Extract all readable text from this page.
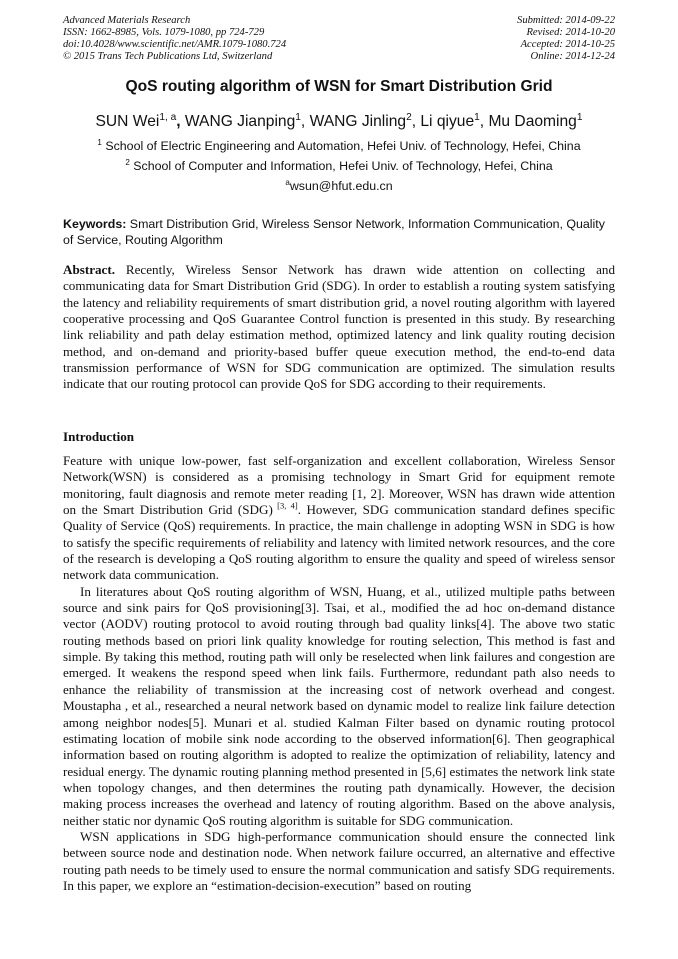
Advanced Materials Research
ISSN: 1662-8985, Vols. 1079-1080, pp 724-729
doi:10.4028/www.scientific.net/AMR.1079-1080.724
© 2015 Trans Tech Publications Ltd, Switzerland
Submitted: 2014-09-22
Revised: 2014-10-20
Accepted: 2014-10-25
Online: 2014-12-24
QoS routing algorithm of WSN for Smart Distribution Grid
SUN Wei$^{1, a}$, WANG Jianping$^1$, WANG Jinling$^2$, Li qiyue$^1$, Mu Daoming$^1$
$^1$ School of Electric Engineering and Automation, Hefei Univ. of Technology, Hefei, China
$^2$ School of Computer and Information, Hefei Univ. of Technology, Hefei, China
$^a$wsun@hfut.edu.cn
Keywords: Smart Distribution Grid, Wireless Sensor Network, Information Communication, Quality of Service, Routing Algorithm
Abstract. Recently, Wireless Sensor Network has drawn wide attention on collecting and communicating data for Smart Distribution Grid (SDG). In order to establish a routing system satisfying the latency and reliability requirements of smart distribution grid, a novel routing algorithm with layered cooperative processing and QoS Guarantee Control function is presented in this study. By researching link reliability and path delay estimation method, optimized latency and link quality routing decision method, and on-demand and priority-based buffer queue execution method, the end-to-end data transmission performance of WSN for SDG communication are optimized. The simulation results indicate that our routing protocol can provide QoS for SDG according to their requirements.
Introduction

Feature with unique low-power, fast self-organization and excellent collaboration, Wireless Sensor Network(WSN) is considered as a promising technology in Smart Grid for equipment remote monitoring, fault diagnosis and remote meter reading [1, 2]. Moreover, WSN has drawn wide attention on the Smart Distribution Grid (SDG) [3, 4]. However, SDG communication standard defines specific Quality of Service (QoS) requirements. In practice, the main challenge in adopting WSN in SDG is how to satisfy the specific requirements of reliability and latency with limited network resources, and the core of the research is developing a QoS routing algorithm to ensure the quality and speed of wireless sensor network data communication.

In literatures about QoS routing algorithm of WSN, Huang, et al., utilized multiple paths between source and sink pairs for QoS provisioning[3]. Tsai, et al., modified the ad hoc on-demand distance vector (AODV) routing protocol to avoid routing through bad quality links[4]. The above two static routing methods based on priori link quality knowledge for routing selection, This method is fast and simple. By taking this method, routing path will only be reselected when link failures and congestion are emerged. It weakens the respond speed when link fails. Furthermore, redundant path also needs to enhance the reliability of transmission at the increasing cost of network overhead and congest. Moustapha , et al., researched a neural network based on dynamic model to realize link failure detection among neighbor nodes[5]. Munari et al. studied Kalman Filter based on dynamic routing protocol estimating location of mobile sink node according to the observed information[6]. Then geographical information based on routing algorithm is adopted to realize the optimization of reliability, latency and residual energy. The dynamic routing planning method presented in [5,6] estimates the network link state when topology changes, and then determines the routing path dynamically. However, the decision making process increases the overhead and latency of routing algorithm. Based on the above analysis, neither static nor dynamic QoS routing algorithm is suitable for SDG communication.

WSN applications in SDG high-performance communication should ensure the connected link between source node and destination node. When network failure occurred, an alternative and effective routing path needs to be timely used to ensure the normal communication and satisfy SDG requirements. In this paper, we explore an “estimation-decision-execution” based on routing
